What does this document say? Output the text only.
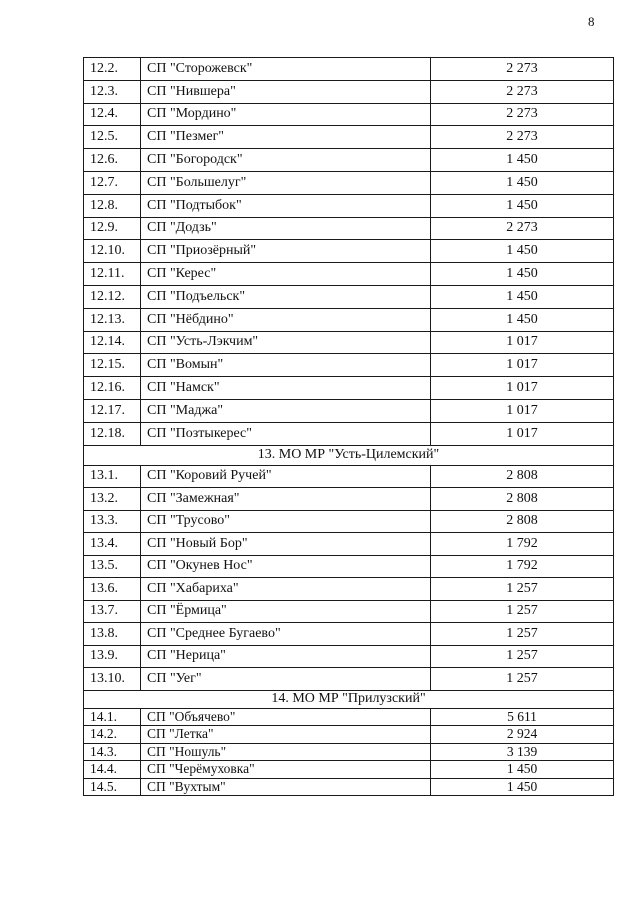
8
12.2.	СП "Сторожевск"	2 273
12.3.	СП "Нившера"	2 273
12.4.	СП "Мордино"	2 273
12.5.	СП "Пезмег"	2 273
12.6.	СП "Богородск"	1 450
12.7.	СП "Большелуг"	1 450
12.8.	СП "Подтыбок"	1 450
12.9.	СП "Додзь"	2 273
12.10.	СП "Приозёрный"	1 450
12.11.	СП "Керес"	1 450
12.12.	СП "Подъельск"	1 450
12.13.	СП "Нёбдино"	1 450
12.14.	СП "Усть-Лэкчим"	1 017
12.15.	СП "Вомын"	1 017
12.16.	СП "Намск"	1 017
12.17.	СП "Маджа"	1 017
12.18.	СП "Позтыкерес"	1 017
13. МО МР "Усть-Цилемский"		
13.1.	СП "Коровий Ручей"	2 808
13.2.	СП "Замежная"	2 808
13.3.	СП "Трусово"	2 808
13.4.	СП "Новый Бор"	1 792
13.5.	СП "Окунев Нос"	1 792
13.6.	СП "Хабариха"	1 257
13.7.	СП "Ёрмица"	1 257
13.8.	СП "Среднее Бугаево"	1 257
13.9.	СП "Нерица"	1 257
13.10.	СП "Уег"	1 257
14. МО МР "Прилузский"		
14.1.	СП "Объячево"	5 611
14.2.	СП "Летка"	2 924
14.3.	СП "Ношуль"	3 139
14.4.	СП "Черёмуховка"	1 450
14.5.	СП "Вухтым"	1 450
